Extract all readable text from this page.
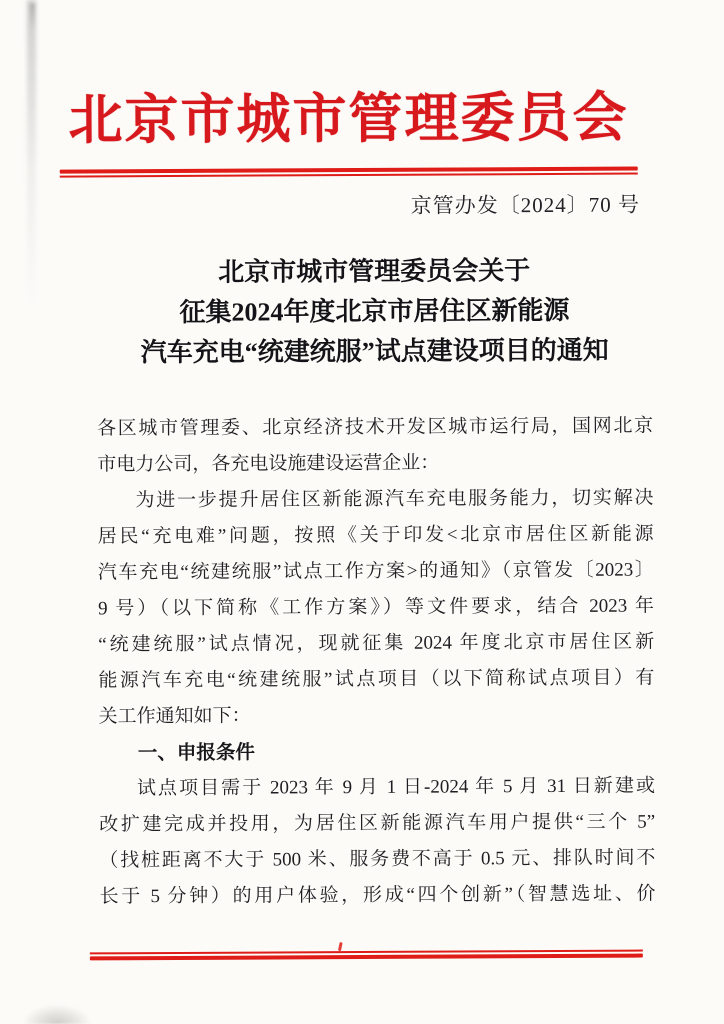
北京市城市管理委员会
京管办发〔2024〕70 号
北京市城市管理委员会关于
征集2024年度北京市居住区新能源
汽车充电“统建统服”试点建设项目的通知
各区城市管理委、北京经济技术开发区城市运行局，国网北京
市电力公司，各充电设施建设运营企业：
为进一步提升居住区新能源汽车充电服务能力，切实解决
居民“充电难”问题，按照《关于印发<北京市居住区新能源
汽车充电“统建统服”试点工作方案>的通知》（京管发〔2023〕
9 号）（以下简称《工作方案》）等文件要求，结合 2023 年
“统建统服”试点情况，现就征集 2024 年度北京市居住区新
能源汽车充电“统建统服”试点项目（以下简称试点项目）有
关工作通知如下：
一、申报条件
试点项目需于 2023 年 9 月 1 日-2024 年 5 月 31 日新建或
改扩建完成并投用，为居住区新能源汽车用户提供“三个 5”
（找桩距离不大于 500 米、服务费不高于 0.5 元、排队时间不
长于 5 分钟）的用户体验，形成“四个创新”（智慧选址、价
